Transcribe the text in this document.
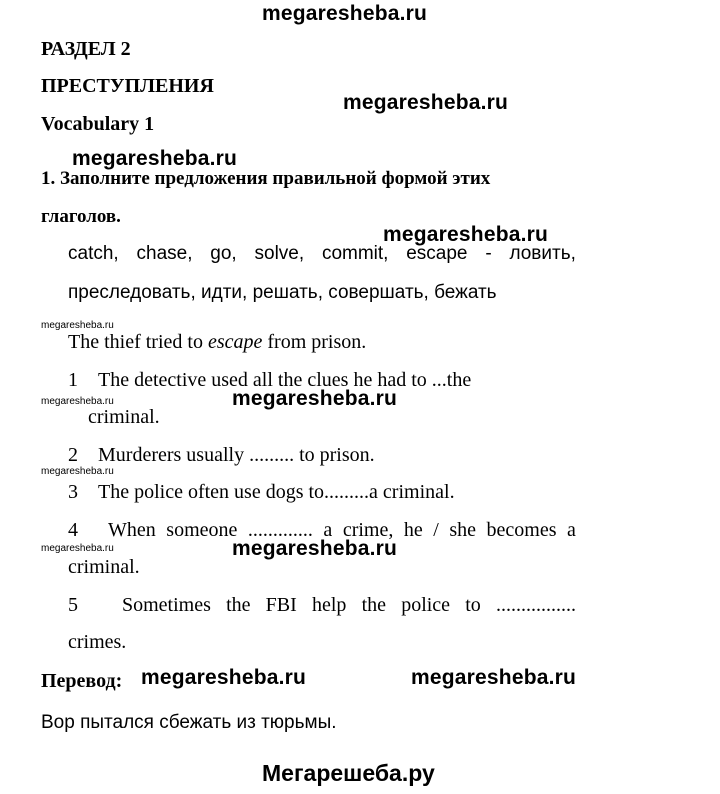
megaresheba.ru
РАЗДЕЛ 2
ПРЕСТУПЛЕНИЯ
megaresheba.ru
Vocabulary 1
megaresheba.ru
1. Заполните предложения правильной формой этих
глаголов.
megaresheba.ru
catch, chase, go, solve, commit, escape - ловить,
преследовать, идти, решать, совершать, бежать
megaresheba.ru
The thief tried to escape from prison.
1 The detective used all the clues he had to ...the
megaresheba.ru	megaresheba.ru
criminal.
2 Murderers usually ......... to prison.
megaresheba.ru
3 The police often use dogs to.........a criminal.
4	When someone ............. a crime, he / she becomes a
megaresheba.ru	megaresheba.ru
criminal.
5	Sometimes the FBI help the police to ................
crimes.
Перевод: megaresheba.ru	megaresheba.ru
Вор пытался сбежать из тюрьмы.
Мегарешеба.ру
